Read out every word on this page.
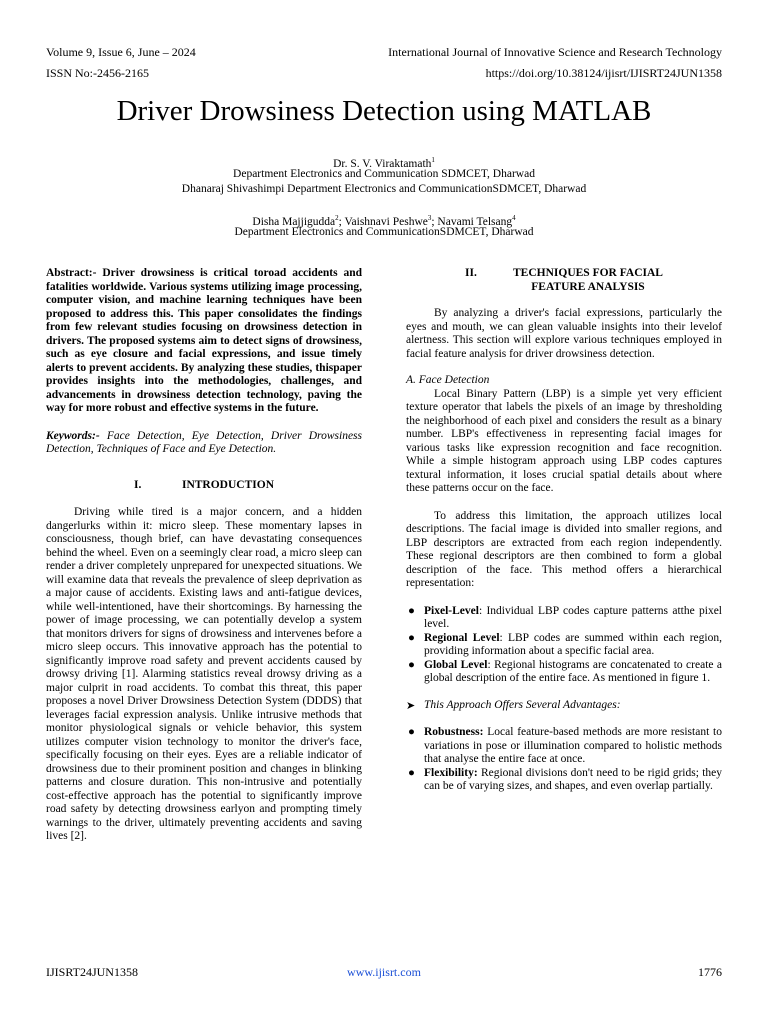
Volume 9, Issue 6, June – 2024	International Journal of Innovative Science and Research Technology
ISSN No:-2456-2165	https://doi.org/10.38124/ijisrt/IJISRT24JUN1358
Driver Drowsiness Detection using MATLAB
Dr. S. V. Viraktamath$^1$
Department Electronics and Communication SDMCET, Dharwad
Dhanaraj Shivashimpi Department Electronics and CommunicationSDMCET, Dharwad
Disha Majjigudda$^2$; Vaishnavi Peshwe$^3$; Navami Telsang$^4$
Department Electronics and CommunicationSDMCET, Dharwad

Abstract:- Driver drowsiness is critical toroad accidents and fatalities worldwide. Various systems utilizing image processing, computer vision, and machine learning techniques have been proposed to address this. This paper consolidates the findings from few relevant studies focusing on drowsiness detection in drivers. The proposed systems aim to detect signs of drowsiness, such as eye closure and facial expressions, and issue timely alerts to prevent accidents. By analyzing these studies, thispaper provides insights into the methodologies, challenges, and advancements in drowsiness detection technology, paving the way for more robust and effective systems in the future.

Keywords:- Face Detection, Eye Detection, Driver Drowsiness Detection, Techniques of Face and Eye Detection.

I.	INTRODUCTION

Driving while tired is a major concern, and a hidden dangerlurks within it: micro sleep. These momentary lapses in consciousness, though brief, can have devastating consequences behind the wheel. Even on a seemingly clear road, a micro sleep can render a driver completely unprepared for unexpected situations. We will examine data that reveals the prevalence of sleep deprivation as a major cause of accidents. Existing laws and anti-fatigue devices, while well-intentioned, have their shortcomings. By harnessing the power of image processing, we can potentially develop a system that monitors drivers for signs of drowsiness and intervenes before a micro sleep occurs. This innovative approach has the potential to significantly improve road safety and prevent accidents caused by drowsy driving [1]. Alarming statistics reveal drowsy driving as a major culprit in road accidents. To combat this threat, this paper proposes a novel Driver Drowsiness Detection System (DDDS) that leverages facial expression analysis. Unlike intrusive methods that monitor physiological signals or vehicle behavior, this system utilizes computer vision technology to monitor the driver's face, specifically focusing on their eyes. Eyes are a reliable indicator of drowsiness due to their prominent position and changes in blinking patterns and closure duration. This non-intrusive and potentially cost-effective approach has the potential to significantly improve road safety by detecting drowsiness earlyon and prompting timely warnings to the driver, ultimately preventing accidents and saving lives [2].

II.	TECHNIQUES FOR FACIAL
FEATURE ANALYSIS

By analyzing a driver's facial expressions, particularly the eyes and mouth, we can glean valuable insights into their levelof alertness. This section will explore various techniques employed in facial feature analysis for driver drowsiness detection.

A. Face Detection

Local Binary Pattern (LBP) is a simple yet very efficient texture operator that labels the pixels of an image by thresholding the neighborhood of each pixel and considers the result as a binary number. LBP's effectiveness in representing facial images for various tasks like expression recognition and face recognition. While a simple histogram approach using LBP codes captures textural information, it loses crucial spatial details about where these patterns occur on the face.

To address this limitation, the approach utilizes local descriptions. The facial image is divided into smaller regions, and LBP descriptors are extracted from each region independently. These regional descriptors are then combined to form a global description of the face. This method offers a hierarchical representation:

● Pixel-Level: Individual LBP codes capture patterns atthe pixel level.
● Regional Level: LBP codes are summed within each region, providing information about a specific facial area.
● Global Level: Regional histograms are concatenated to create a global description of the entire face. As mentioned in figure 1.
➤ This Approach Offers Several Advantages:
● Robustness: Local feature-based methods are more resistant to variations in pose or illumination compared to holistic methods that analyse the entire face at once.
● Flexibility: Regional divisions don't need to be rigid grids; they can be of varying sizes, and shapes, and even overlap partially.
IJISRT24JUN1358	www.ijisrt.com	1776
